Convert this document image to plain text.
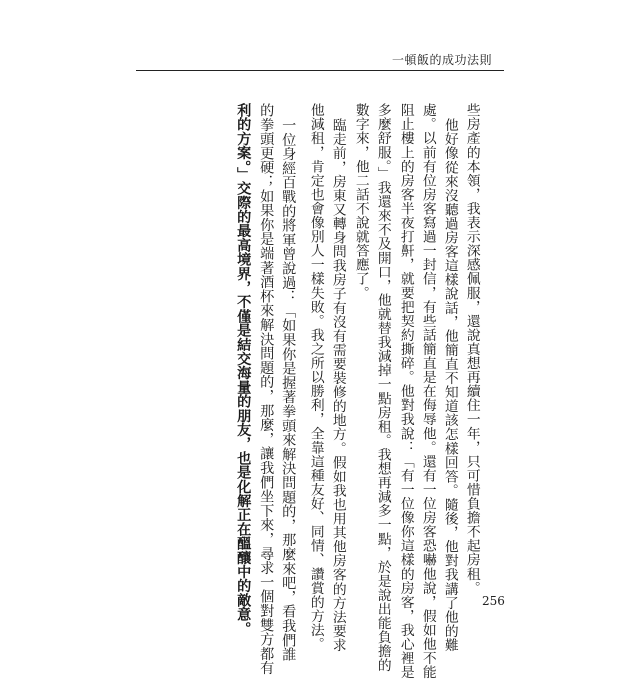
一頓飯的成功法則
些房產的本領，我表示深感佩服，還說真想再續住一年，只可惜負擔不起房租。
他好像從來沒聽過房客這樣說話，他簡直不知道該怎樣回答。隨後，他對我講了他的難
處。以前有位房客寫過一封信，有些話簡直是在侮辱他。還有一位房客恐嚇他說，假如他不能
阻止樓上的房客半夜打鼾，就要把契約撕碎。他對我說：「有一位像你這樣的房客，我心裡是
多麼舒服。」我還來不及開口，他就替我減掉一點房租。我想再減多一點，於是說出能負擔的
數字來，他二話不說就答應了。
臨走前，房東又轉身問我房子有沒有需要裝修的地方。假如我也用其他房客的方法要求
他減租，肯定也會像別人一樣失敗。我之所以勝利，全靠這種友好、同情、讚賞的方法。
一位身經百戰的將軍曾說過：「如果你是握著拳頭來解決問題的，那麼來吧，看我們誰
的拳頭更硬；如果你是端著酒杯來解決問題的，那麼，讓我們坐下來，尋求一個對雙方都有
利的方案。」交際的最高境界，不僅是結交海量的朋友，也是化解正在醞釀中的敵意。	256
